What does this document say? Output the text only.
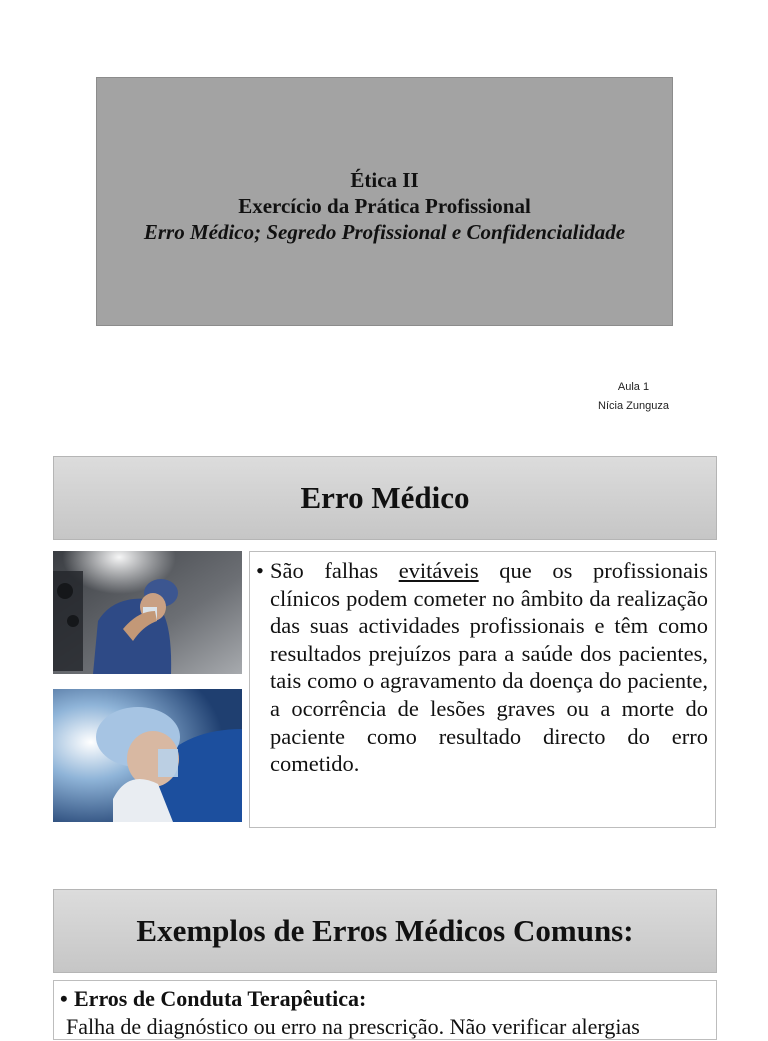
Ética II
Exercício da Prática Profissional
Erro Médico; Segredo Profissional e Confidencialidade
Aula 1
Nícia Zunguza
Erro Médico
• São falhas evitáveis que os profissionais clínicos podem cometer no âmbito da realização das suas actividades profissionais e têm como resultados prejuízos para a saúde dos pacientes, tais como o agravamento da doença do paciente, a ocorrência de lesões graves ou a morte do paciente como resultado directo do erro cometido.
Exemplos de Erros Médicos Comuns:
• Erros de Conduta Terapêutica:
Falha de diagnóstico ou erro na prescrição. Não verificar alergias
